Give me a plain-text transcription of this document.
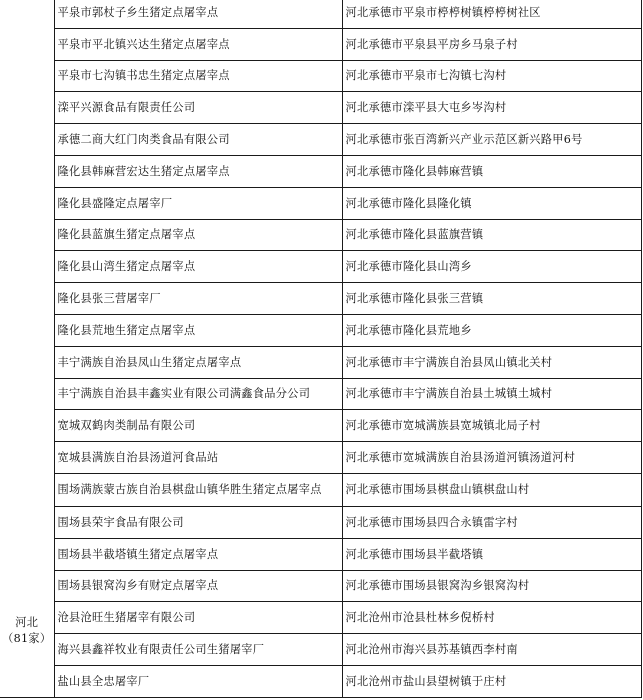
河北
（81家）	平泉市郭杖子乡生猪定点屠宰点	河北承德市平泉市楟楟树镇楟楟树社区
	平泉市平北镇兴达生猪定点屠宰点	河北承德市平泉县平房乡马泉子村
	平泉市七沟镇书忠生猪定点屠宰点	河北承德市平泉市七沟镇七沟村
	滦平兴源食品有限责任公司	河北承德市滦平县大屯乡岑沟村
	承德二商大红门肉类食品有限公司	河北承德市张百湾新兴产业示范区新兴路甲6号
	隆化县韩麻营宏达生猪定点屠宰点	河北承德市隆化县韩麻营镇
	隆化县盛隆定点屠宰厂	河北承德市隆化县隆化镇
	隆化县蓝旗生猪定点屠宰点	河北承德市隆化县蓝旗营镇
	隆化县山湾生猪定点屠宰点	河北承德市隆化县山湾乡
	隆化县张三营屠宰厂	河北承德市隆化县张三营镇
	隆化县荒地生猪定点屠宰点	河北承德市隆化县荒地乡
	丰宁满族自治县凤山生猪定点屠宰点	河北承德市丰宁满族自治县凤山镇北关村
	丰宁满族自治县丰鑫实业有限公司满鑫食品分公司	河北承德市丰宁满族自治县土城镇土城村
	宽城双鹤肉类制品有限公司	河北承德市宽城满族县宽城镇北局子村
	宽城县满族自治县汤道河食品站	河北承德市宽城满族自治县汤道河镇汤道河村
	围场满族蒙古族自治县棋盘山镇华胜生猪定点屠宰点	河北承德市围场县棋盘山镇棋盘山村
	围场县荣宇食品有限公司	河北承德市围场县四合永镇雷字村
	围场县半截塔镇生猪定点屠宰点	河北承德市围场县半截塔镇
	围场县银窝沟乡有财定点屠宰点	河北承德市围场县银窝沟乡银窝沟村
	沧县沧旺生猪屠宰有限公司	河北沧州市沧县杜林乡倪桥村
	海兴县鑫祥牧业有限责任公司生猪屠宰厂	河北沧州市海兴县苏基镇西李村南
	盐山县全忠屠宰厂	河北沧州市盐山县望树镇于庄村
